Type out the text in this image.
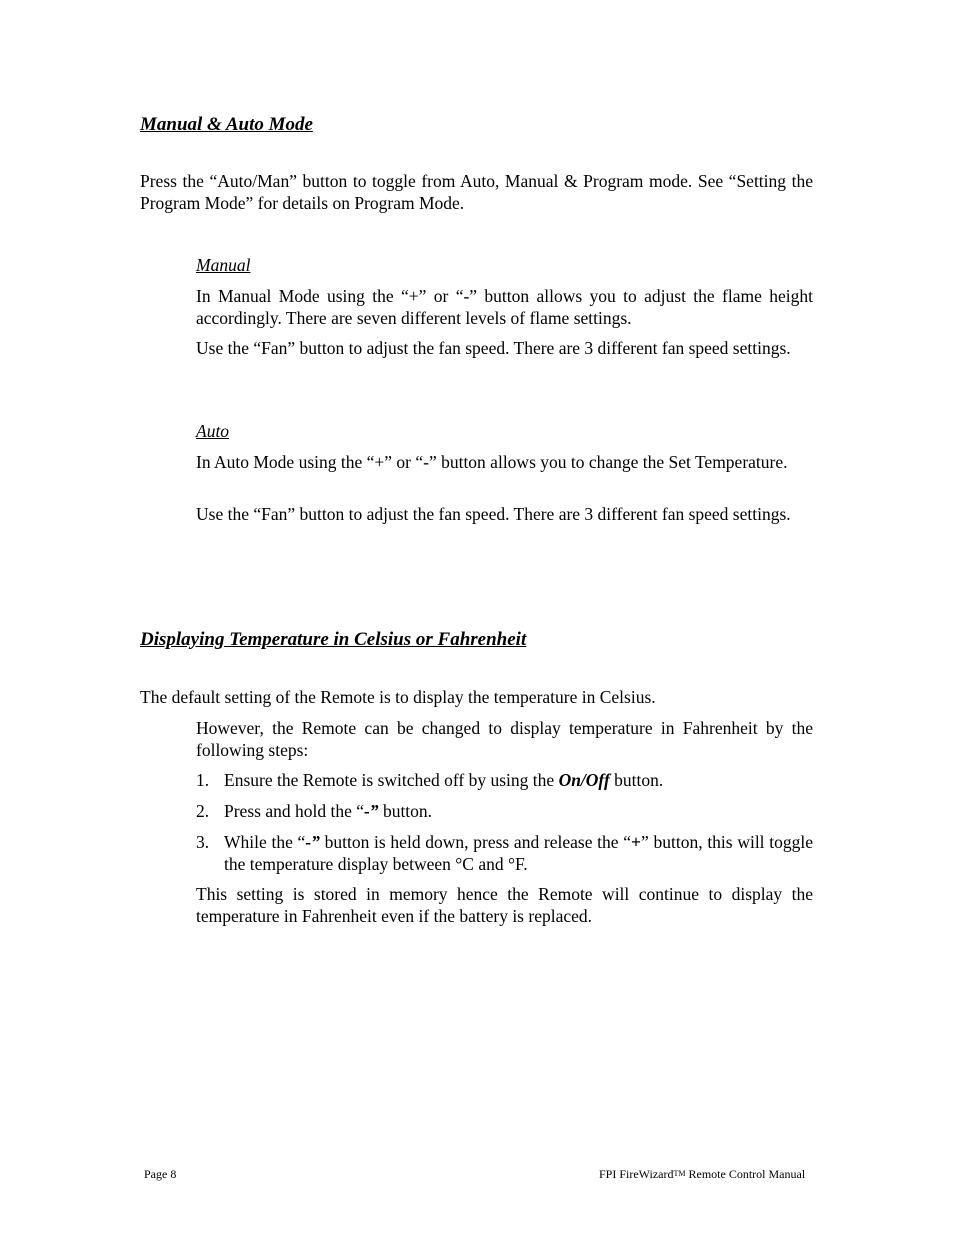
Manual & Auto Mode

Press the “Auto/Man” button to toggle from Auto, Manual & Program mode. See “Setting the Program Mode” for details on Program Mode.

Manual

In Manual Mode using the “+” or “-” button allows you to adjust the flame height accordingly. There are seven different levels of flame settings.

Use the “Fan” button to adjust the fan speed. There are 3 different fan speed settings.

Auto

In Auto Mode using the “+” or “-” button allows you to change the Set Temperature.

Use the “Fan” button to adjust the fan speed. There are 3 different fan speed settings.

Displaying Temperature in Celsius or Fahrenheit

The default setting of the Remote is to display the temperature in Celsius.

However, the Remote can be changed to display temperature in Fahrenheit by the following steps:

1. Ensure the Remote is switched off by using the On/Off button.
2. Press and hold the “-” button.
3. While the “-” button is held down, press and release the “+” button, this will toggle the temperature display between °C and °F.

This setting is stored in memory hence the Remote will continue to display the temperature in Fahrenheit even if the battery is replaced.

Page 8	FPI FireWizardTM Remote Control Manual
